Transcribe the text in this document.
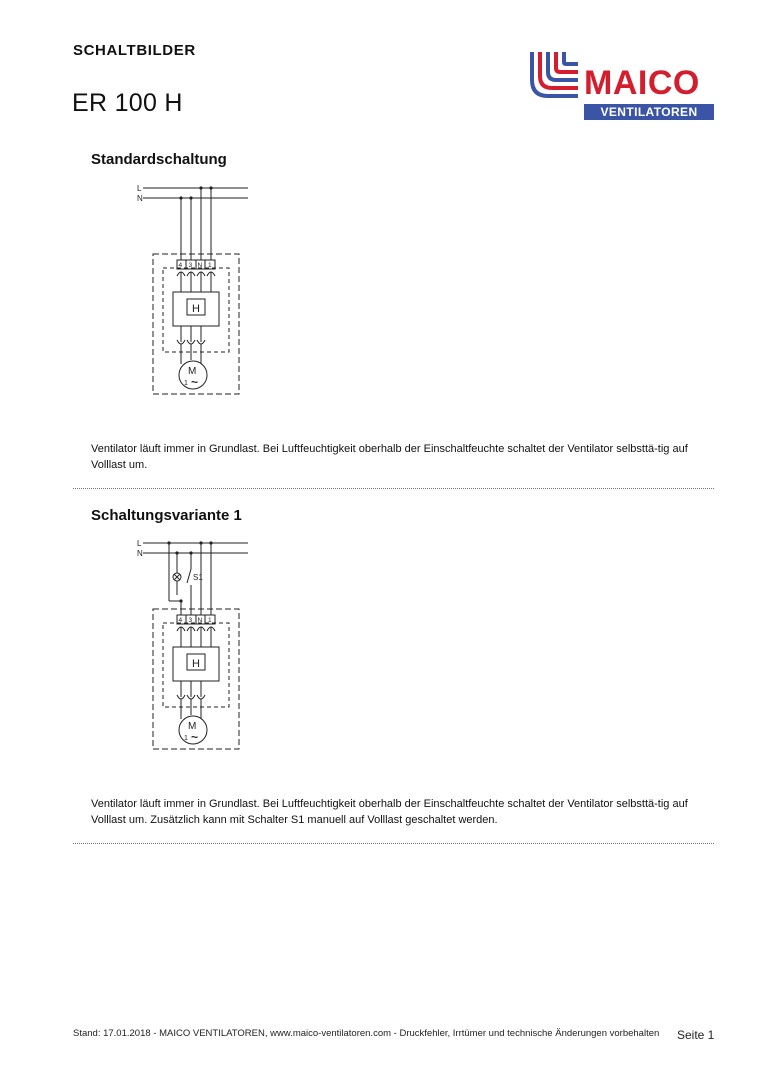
SCHALTBILDER
ER 100 H
MAICO
VENTILATOREN
Standardschaltung
L
N
4 3 N 1
H
M
1 ~
Ventilator läuft immer in Grundlast. Bei Luftfeuchtigkeit oberhalb der Einschaltfeuchte schaltet der Ventilator selbsttä-tig auf Volllast um.
Schaltungsvariante 1
L
N
S1
4 3 N 1
H
M
1 ~
Ventilator läuft immer in Grundlast. Bei Luftfeuchtigkeit oberhalb der Einschaltfeuchte schaltet der Ventilator selbsttä-tig auf Volllast um. Zusätzlich kann mit Schalter S1 manuell auf Volllast geschaltet werden.
Stand: 17.01.2018 - MAICO VENTILATOREN, www.maico-ventilatoren.com - Druckfehler, Irrtümer und technische Änderungen vorbehalten Seite 1
